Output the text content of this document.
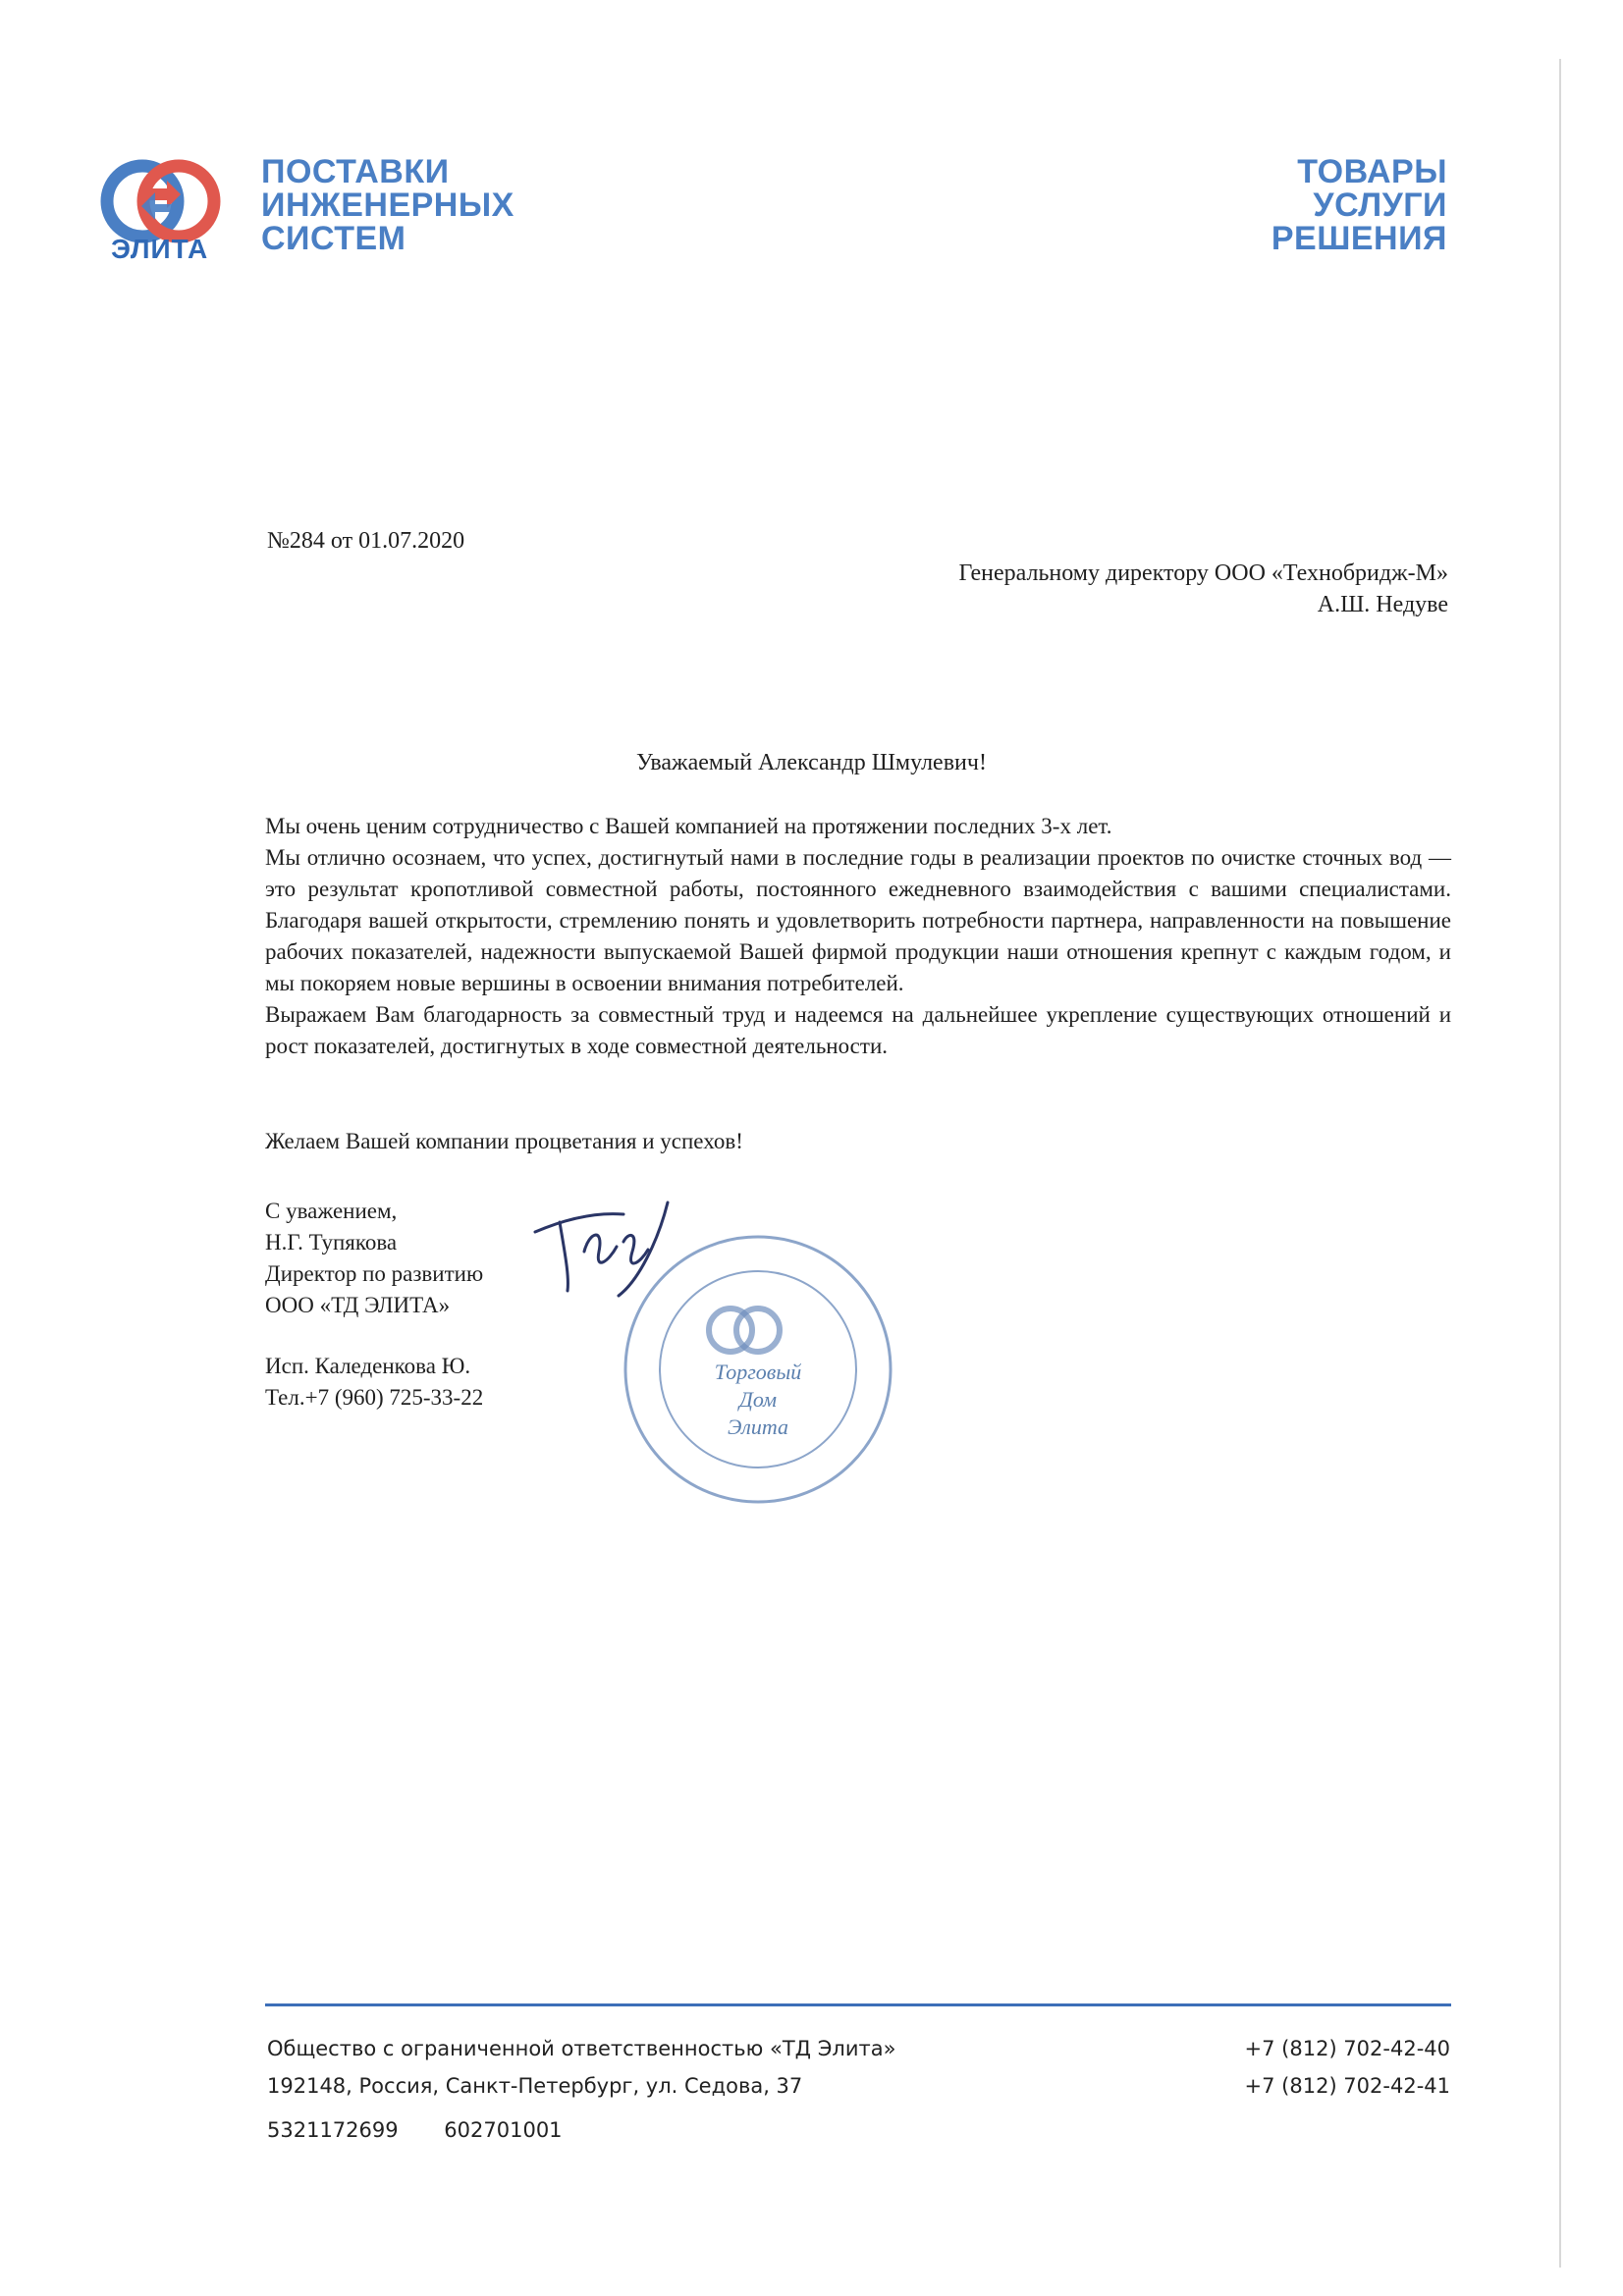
ЭЛИТА
ПОСТАВКИ
ИНЖЕНЕРНЫХ
СИСТЕМ
ТОВАРЫ
УСЛУГИ
РЕШЕНИЯ
№284 от 01.07.2020
Генеральному директору ООО «Технобридж-М»
А.Ш. Недуве
Уважаемый Александр Шмулевич!

Мы очень ценим сотрудничество с Вашей компанией на протяжении последних 3-х лет.

Мы отлично осознаем, что успех, достигнутый нами в последние годы в реализации проектов по очистке сточных вод — это результат кропотливой совместной работы, постоянного ежедневного взаимодействия с вашими специалистами. Благодаря вашей открытости, стремлению понять и удовлетворить потребности партнера, направленности на повышение рабочих показателей, надежности выпускаемой Вашей фирмой продукции наши отношения крепнут с каждым годом, и мы покоряем новые вершины в освоении внимания потребителей.

Выражаем Вам благодарность за совместный труд и надеемся на дальнейшее укрепление существующих отношений и рост показателей, достигнутых в ходе совместной деятельности.

Желаем Вашей компании процветания и успехов!
С уважением,
Н.Г. Тупякова
Директор по развитию
ООО «ТД ЭЛИТА»
Исп. Каледенкова Ю.
Тел.+7 (960) 725-33-22
Торговый
Дом
Элита
Общество с ограниченной ответственностью «ТД Элита»
192148, Россия, Санкт-Петербург, ул. Седова, 37
+7 (812) 702-42-40
+7 (812) 702-42-41
5321172699 602701001
